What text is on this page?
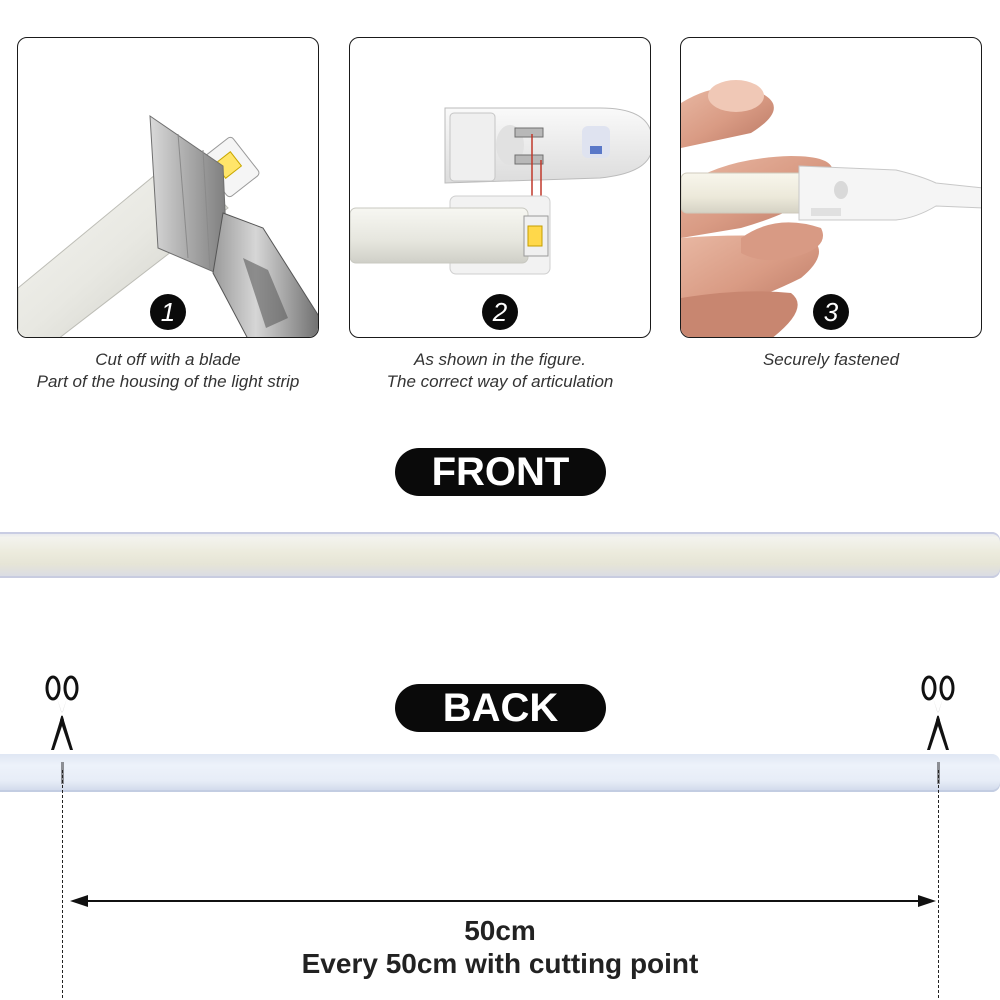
1	2	3
Cut off with a blade
Part of the housing of the light strip
As shown in the figure.
The correct way of articulation
Securely fastened
FRONT
BACK
50cm
Every 50cm with cutting point
